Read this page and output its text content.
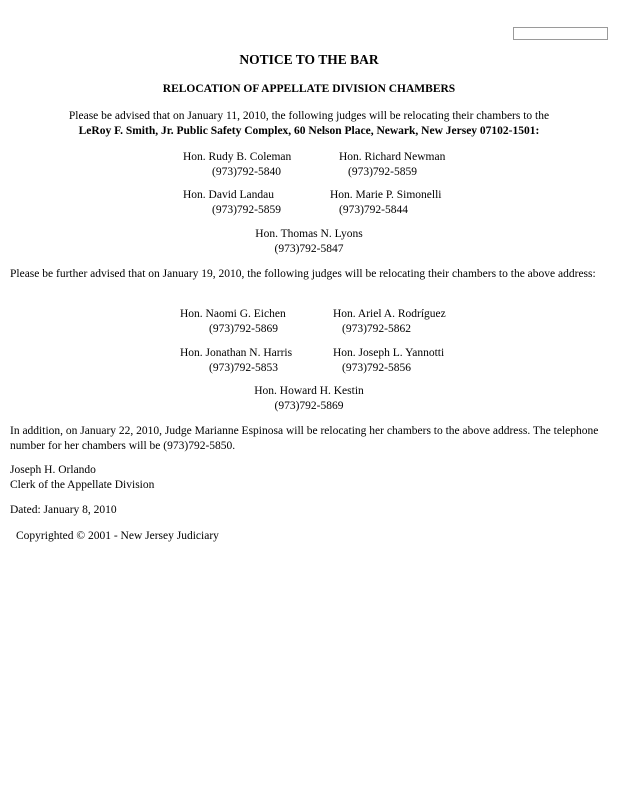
NOTICE TO THE BAR
RELOCATION OF APPELLATE DIVISION CHAMBERS
Please be advised that on January 11, 2010, the following judges will be relocating their chambers to the
LeRoy F. Smith, Jr. Public Safety Complex, 60 Nelson Place, Newark, New Jersey 07102-1501:
Hon. Rudy B. Coleman
(973)792-5840
Hon. Richard Newman
(973)792-5859
Hon. David Landau
(973)792-5859
Hon. Marie P. Simonelli
(973)792-5844
Hon. Thomas N. Lyons
(973)792-5847
Please be further advised that on January 19, 2010, the following judges will be relocating their chambers to the above address:
Hon. Naomi G. Eichen
(973)792-5869
Hon. Ariel A. Rodríguez
(973)792-5862
Hon. Jonathan N. Harris
(973)792-5853
Hon. Joseph L. Yannotti
(973)792-5856
Hon. Howard H. Kestin
(973)792-5869
In addition, on January 22, 2010, Judge Marianne Espinosa will be relocating her chambers to the above address. The telephone number for her chambers will be (973)792-5850.
Joseph H. Orlando
Clerk of the Appellate Division
Dated: January 8, 2010
Copyrighted © 2001 - New Jersey Judiciary
